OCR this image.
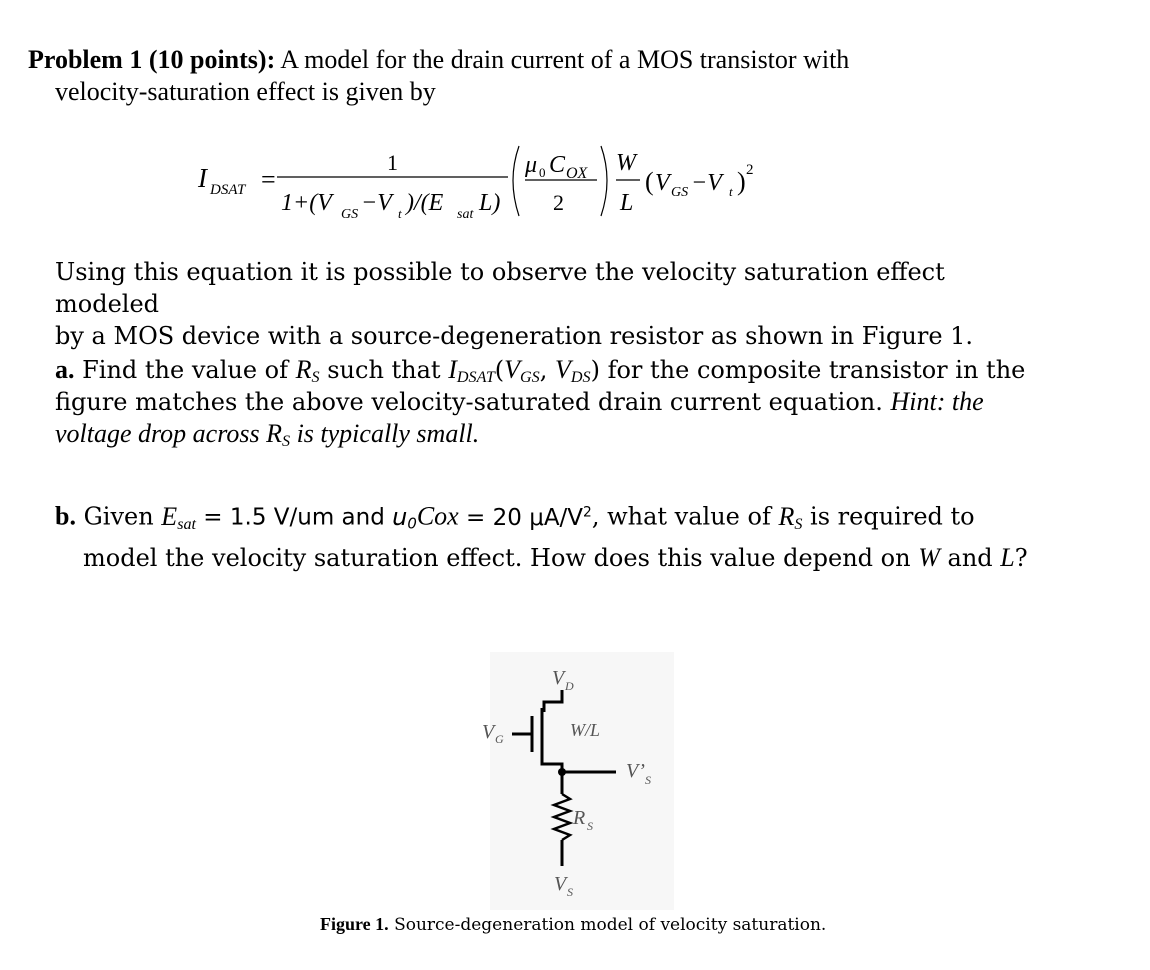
Problem 1 (10 points): A model for the drain current of a MOS transistor with
velocity-saturation effect is given by
I DSAT =
1
1+(V GS −V t )/(E sat L)
μ 0 C OX
2
W
L
( V GS −V t ) 2
Using this equation it is possible to observe the velocity saturation effect modeled
by a MOS device with a source-degeneration resistor as shown in Figure 1.
a. Find the value of $R_S$ such that $I_{DSAT}(V_{GS}$, $V_{DS}$) for the composite transistor in the
figure matches the above velocity-saturated drain current equation. Hint: the
voltage drop across $R_S$ is typically small.
b. Given $E_{sat} = 1.5$ V/um and $u_0Cox = 20$ $\mu A/V^2$, what value of $R_S$ is required to
model the velocity saturation effect. How does this value depend on W and L?
V D
V G	W/L
V’ S
R S
V S
Figure 1. Source-degeneration model of velocity saturation.
